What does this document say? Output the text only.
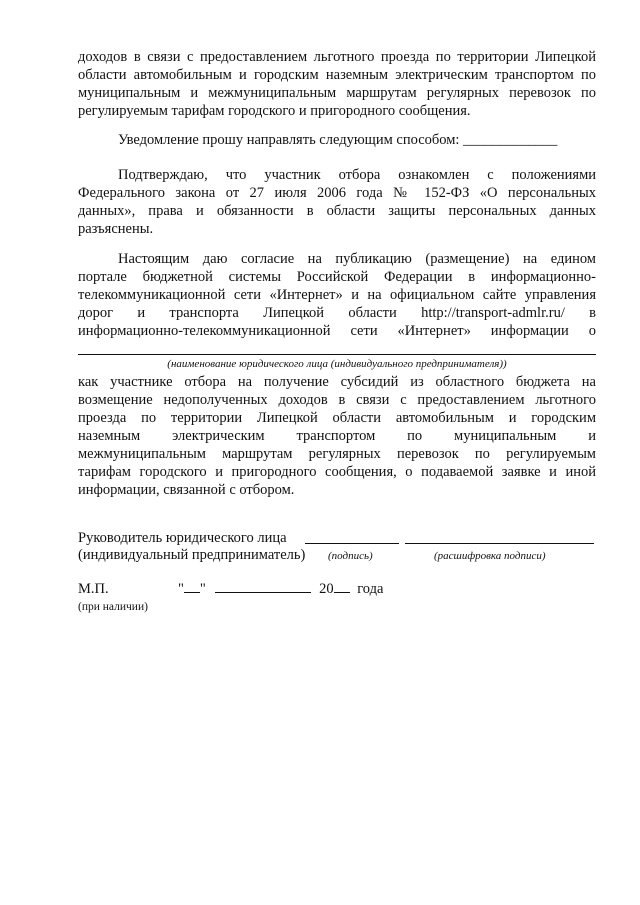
доходов в связи с предоставлением льготного проезда по территории Липецкой
области автомобильным и городским наземным электрическим транспортом по
муниципальным и межмуниципальным маршрутам регулярных перевозок по
регулируемым тарифам городского и пригородного сообщения.
Уведомление прошу направлять следующим способом: _____________
Подтверждаю, что участник отбора ознакомлен с положениями
Федерального закона от 27 июля 2006 года № 152-ФЗ «О персональных
данных», права и обязанности в области защиты персональных данных
разъяснены.
Настоящим даю согласие на публикацию (размещение) на едином
портале бюджетной системы Российской Федерации в информационно-
телекоммуникационной сети «Интернет» и на официальном сайте управления
дорог и транспорта Липецкой области http://transport-admlr.ru/ в
информационно-телекоммуникационной сети «Интернет» информации о
(наименование юридического лица (индивидуального предпринимателя))
как участнике отбора на получение субсидий из областного бюджета на
возмещение недополученных доходов в связи с предоставлением льготного
проезда по территории Липецкой области автомобильным и городским
наземным электрическим транспортом по муниципальным и
межмуниципальным маршрутам регулярных перевозок по регулируемым
тарифам городского и пригородного сообщения, о подаваемой заявке и иной
информации, связанной с отбором.
Руководитель юридического лица
(индивидуальный предприниматель) (подпись)	(расшифровка подписи)
М.П.	" "	20 года
(при наличии)
